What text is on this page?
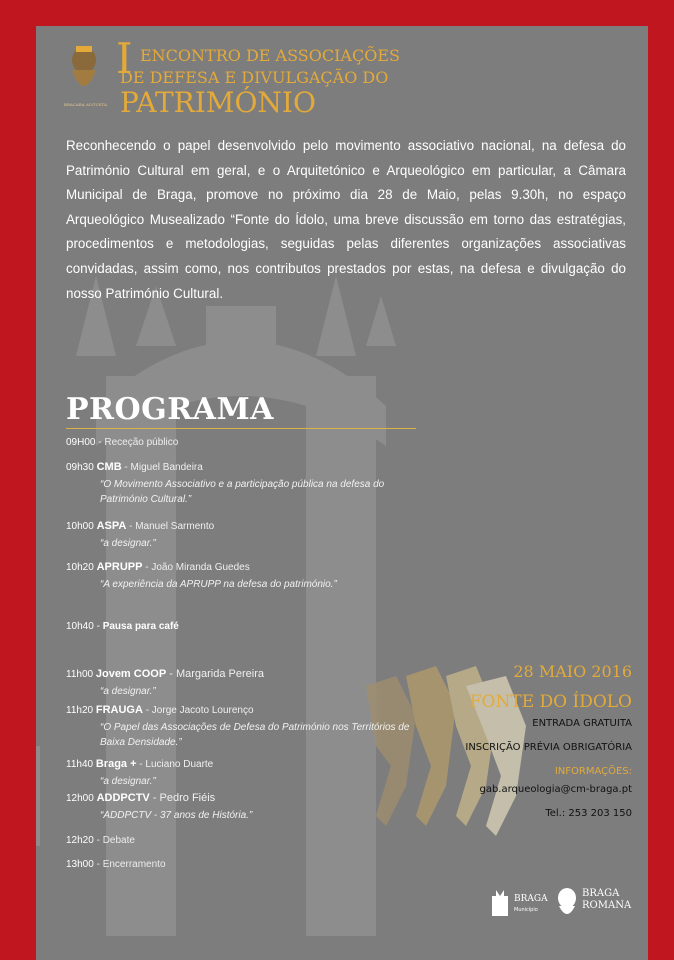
BRACARA AUGUSTA
I ENCONTRO DE ASSOCIAÇÕES
DE DEFESA E DIVULGAÇÃO DO
PATRIMÓNIO
Reconhecendo o papel desenvolvido pelo movimento associativo nacional, na defesa do Património Cultural em geral, e o Arquitetónico e Arqueológico em particular, a Câmara Municipal de Braga, promove no próximo dia 28 de Maio, pelas 9.30h, no espaço Arqueológico Musealizado “Fonte do Ídolo, uma breve discussão em torno das estratégias, procedimentos e metodologias, seguidas pelas diferentes organizações associativas convidadas, assim como, nos contributos prestados por estas, na defesa e divulgação do nosso Património Cultural.
PROGRAMA
09H00 - Receção público
09h30 CMB - Miguel Bandeira
“O Movimento Associativo e a participação pública na defesa do Património Cultural.”
10h00 ASPA - Manuel Sarmento
“a designar.”
10h20 APRUPP - João Miranda Guedes
“A experiência da APRUPP na defesa do património.”
10h40 - Pausa para café
11h00 Jovem COOP - Margarida Pereira
“a designar.”
11h20 FRAUGA - Jorge Jacoto Lourenço
“O Papel das Associações de Defesa do Património nos Territórios de Baixa Densidade.”
11h40 Braga + - Luciano Duarte
“a designar.”
12h00 ADDPCTV - Pedro Fiéis
“ADDPCTV - 37 anos de História.”
12h20 - Debate
13h00 - Encerramento
28 MAIO 2016
FONTE DO ÍDOLO
ENTRADA GRATUITA
INSCRIÇÃO PRÉVIA OBRIGATÓRIA
INFORMAÇÕES:
gab.arqueologia@cm-braga.pt
Tel.: 253 203 150
BRAGA
Município
BRAGA
ROMANA
